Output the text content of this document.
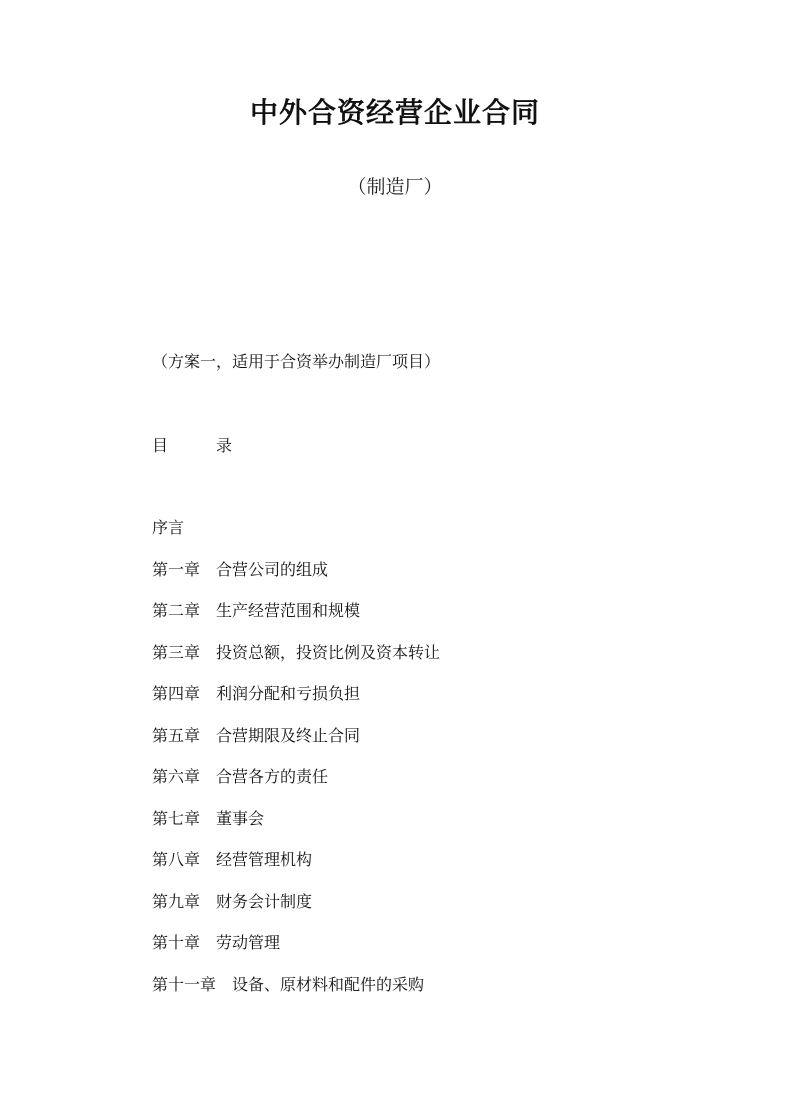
中外合资经营企业合同
（制造厂）
（方案一，适用于合资举办制造厂项目）
目　　　录
序言
第一章 合营公司的组成
第二章 生产经营范围和规模
第三章 投资总额，投资比例及资本转让
第四章 利润分配和亏损负担
第五章 合营期限及终止合同
第六章 合营各方的责任
第七章 董事会
第八章 经营管理机构
第九章 财务会计制度
第十章 劳动管理
第十一章 设备、原材料和配件的采购
